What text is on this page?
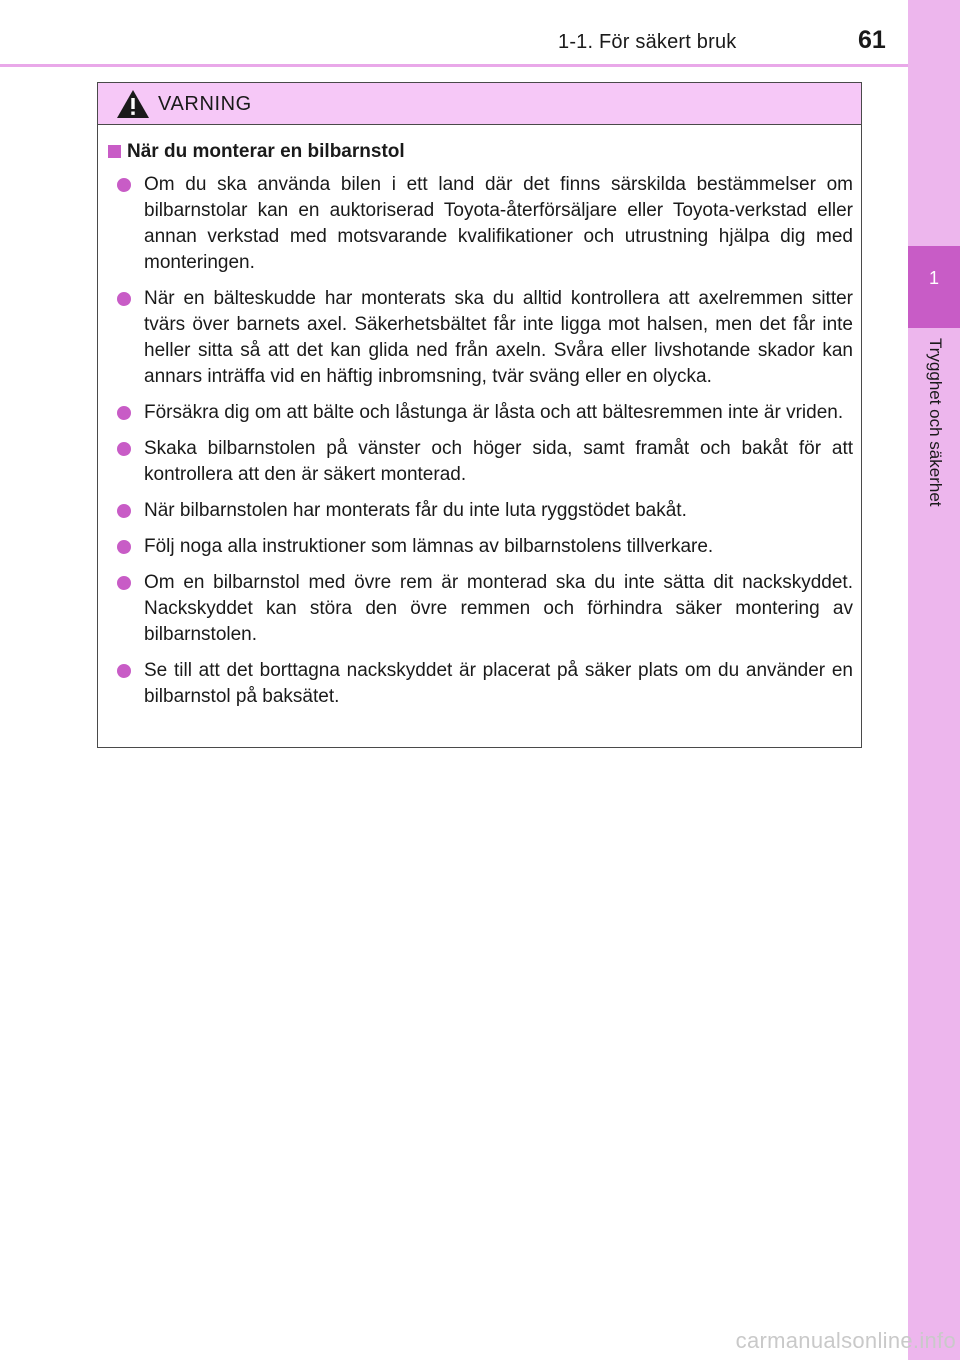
1-1. För säkert bruk	61
1
Trygghet och säkerhet
VARNING
När du monterar en bilbarnstol
Om du ska använda bilen i ett land där det finns särskilda bestämmelser om bilbarnstolar kan en auktoriserad Toyota-återförsäljare eller Toyota-verkstad eller annan verkstad med motsvarande kvalifikationer och utrustning hjälpa dig med monteringen.
När en bälteskudde har monterats ska du alltid kontrollera att axelremmen sitter tvärs över barnets axel. Säkerhetsbältet får inte ligga mot halsen, men det får inte heller sitta så att det kan glida ned från axeln. Svåra eller livshotande skador kan annars inträffa vid en häftig inbromsning, tvär sväng eller en olycka.
Försäkra dig om att bälte och låstunga är låsta och att bältesremmen inte är vriden.
Skaka bilbarnstolen på vänster och höger sida, samt framåt och bakåt för att kontrollera att den är säkert monterad.
När bilbarnstolen har monterats får du inte luta ryggstödet bakåt.
Följ noga alla instruktioner som lämnas av bilbarnstolens tillverkare.
Om en bilbarnstol med övre rem är monterad ska du inte sätta dit nackskyddet. Nackskyddet kan störa den övre remmen och förhindra säker montering av bilbarnstolen.
Se till att det borttagna nackskyddet är placerat på säker plats om du använder en bilbarnstol på baksätet.
carmanualsonline.info
